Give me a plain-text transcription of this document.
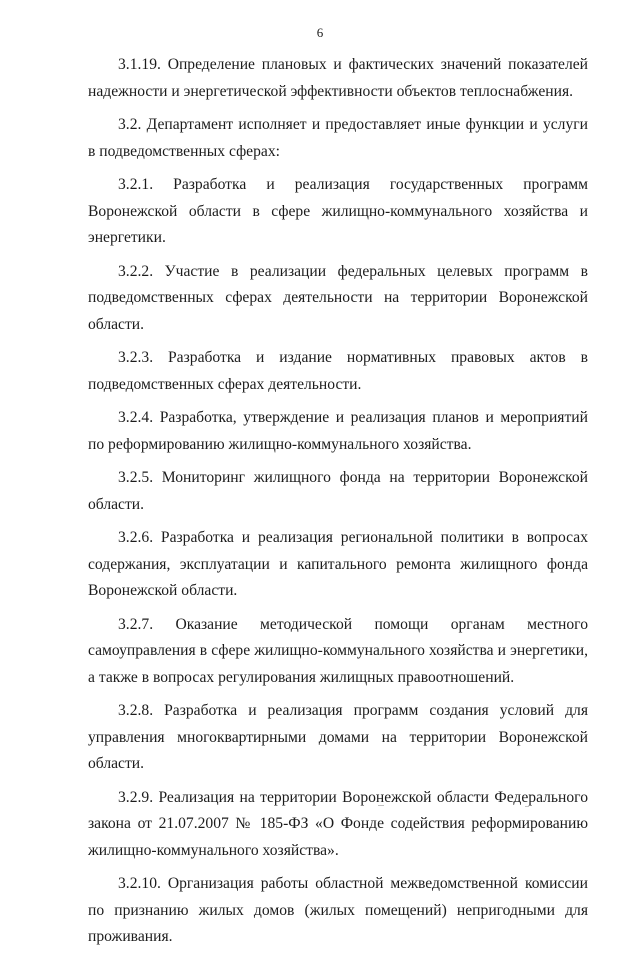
6

3.1.19. Определение плановых и фактических значений показателей надежности и энергетической эффективности объектов теплоснабжения.

3.2. Департамент исполняет и предоставляет иные функции и услуги в подведомственных сферах:

3.2.1. Разработка и реализация государственных программ Воронежской области в сфере жилищно-коммунального хозяйства и энергетики.

3.2.2. Участие в реализации федеральных целевых программ в подведомственных сферах деятельности на территории Воронежской области.

3.2.3. Разработка и издание нормативных правовых актов в подведомственных сферах деятельности.

3.2.4. Разработка, утверждение и реализация планов и мероприятий по реформированию жилищно-коммунального хозяйства.

3.2.5. Мониторинг жилищного фонда на территории Воронежской области.

3.2.6. Разработка и реализация региональной политики в вопросах содержания, эксплуатации и капитального ремонта жилищного фонда Воронежской области.

3.2.7. Оказание методической помощи органам местного самоуправления в сфере жилищно-коммунального хозяйства и энергетики, а также в вопросах регулирования жилищных правоотношений.

3.2.8. Разработка и реализация программ создания условий для управления многоквартирными домами на территории Воронежской области.

3.2.9. Реализация на территории Воронежской области Федерального закона от 21.07.2007 № 185-ФЗ «О Фонде содействия реформированию жилищно-коммунального хозяйства».

3.2.10. Организация работы областной межведомственной комиссии по признанию жилых домов (жилых помещений) непригодными для проживания.
